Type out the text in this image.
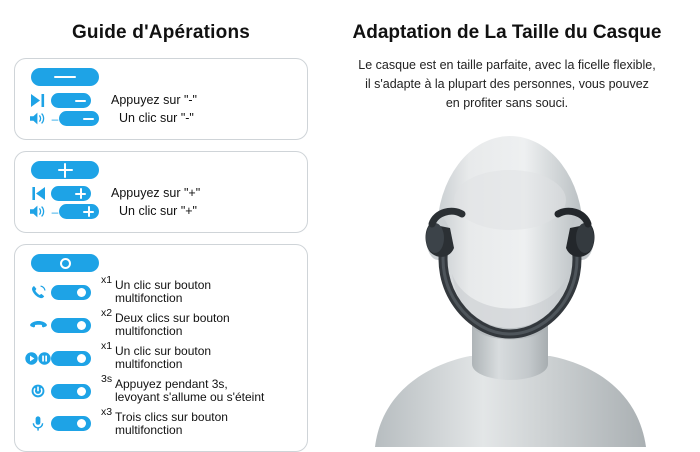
Guide d'Apérations
Appuyez sur "-"
–	Un clic sur "-"
Appuyez sur "+"
–	Un clic sur "+"
x1 Un clic sur bouton
multifonction
x2 Deux clics sur bouton
multifonction
x1 Un clic sur bouton
multifonction
3s Appuyez pendant 3s,
levoyant s'allume ou s'éteint
x3 Trois clics sur bouton
multifonction
Adaptation de La Taille du Casque
Le casque est en taille parfaite, avec la ficelle flexible,
il s'adapte à la plupart des personnes, vous pouvez
en profiter sans souci.
